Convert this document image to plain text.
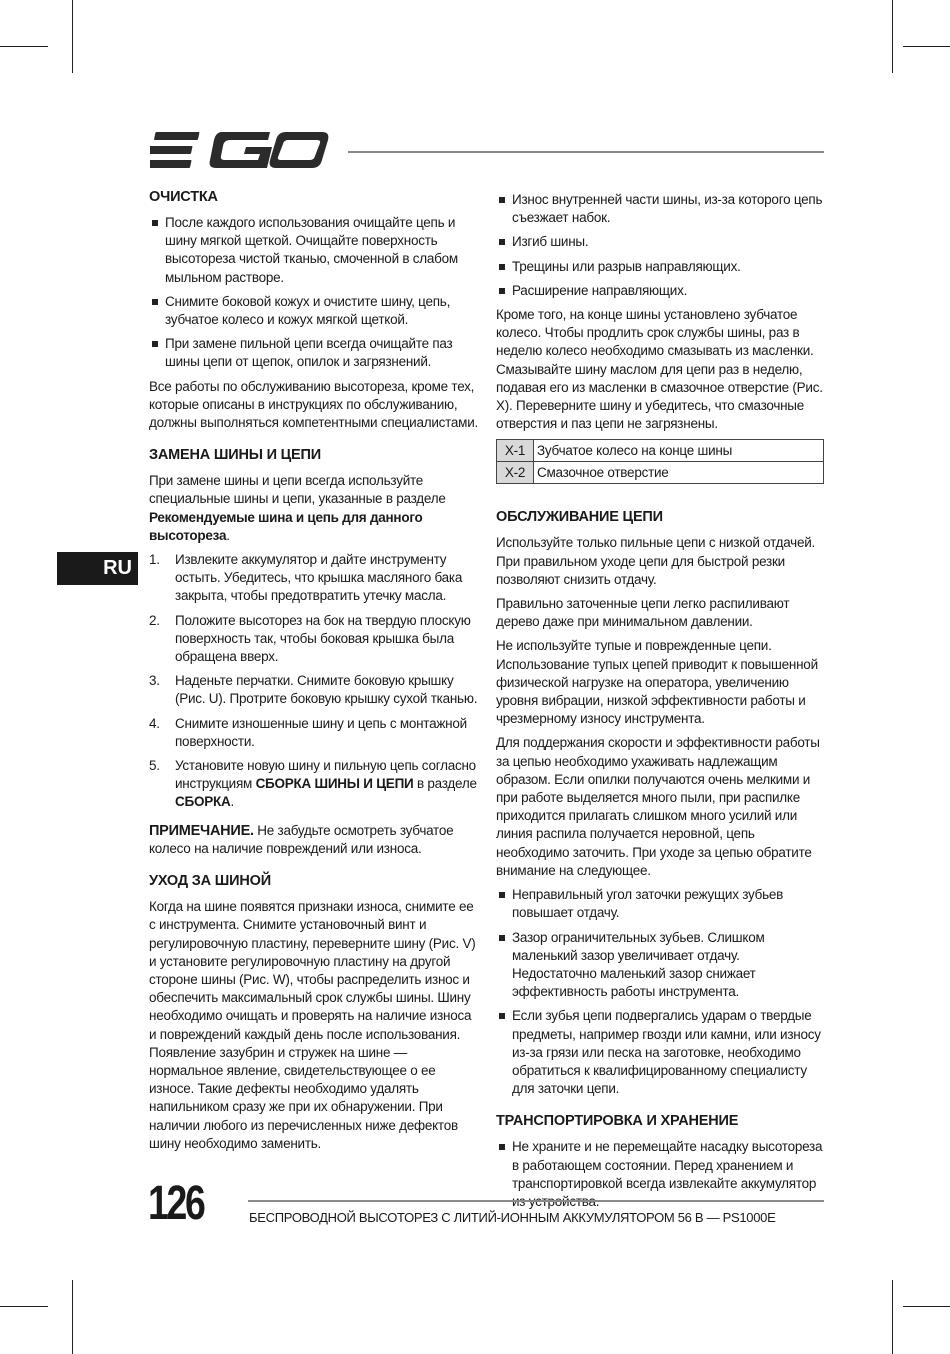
RU
ОЧИСТКА
После каждого использования очищайте цепь и шину мягкой щеткой. Очищайте поверхность высотореза чистой тканью, смоченной в слабом мыльном растворе.
Снимите боковой кожух и очистите шину, цепь, зубчатое колесо и кожух мягкой щеткой.
При замене пильной цепи всегда очищайте паз шины цепи от щепок, опилок и загрязнений.

Все работы по обслуживанию высотореза, кроме тех, которые описаны в инструкциях по обслуживанию, должны выполняться компетентными специалистами.

ЗАМЕНА ШИНЫ И ЦЕПИ

При замене шины и цепи всегда используйте специальные шины и цепи, указанные в разделе Рекомендуемые шина и цепь для данного высотореза.

1. Извлеките аккумулятор и дайте инструменту остыть. Убедитесь, что крышка масляного бака закрыта, чтобы предотвратить утечку масла.
2. Положите высоторез на бок на твердую плоскую поверхность так, чтобы боковая крышка была обращена вверх.
3. Наденьте перчатки. Снимите боковую крышку (Рис. U). Протрите боковую крышку сухой тканью.
4. Снимите изношенные шину и цепь с монтажной поверхности.
5. Установите новую шину и пильную цепь согласно инструкциям СБОРКА ШИНЫ И ЦЕПИ в разделе СБОРКА.

ПРИМЕЧАНИЕ. Не забудьте осмотреть зубчатое колесо на наличие повреждений или износа.

УХОД ЗА ШИНОЙ

Когда на шине появятся признаки износа, снимите ее с инструмента. Снимите установочный винт и регулировочную пластину, переверните шину (Рис. V) и установите регулировочную пластину на другой стороне шины (Рис. W), чтобы распределить износ и обеспечить максимальный срок службы шины. Шину необходимо очищать и проверять на наличие износа и повреждений каждый день после использования. Появление зазубрин и стружек на шине — нормальное явление, свидетельствующее о ее износе. Такие дефекты необходимо удалять напильником сразу же при их обнаружении. При наличии любого из перечисленных ниже дефектов шину необходимо заменить.

Износ внутренней части шины, из-за которого цепь съезжает набок.
Изгиб шины.
Трещины или разрыв направляющих.
Расширение направляющих.

Кроме того, на конце шины установлено зубчатое колесо. Чтобы продлить срок службы шины, раз в неделю колесо необходимо смазывать из масленки. Смазывайте шину маслом для цепи раз в неделю, подавая его из масленки в смазочное отверстие (Рис. X). Переверните шину и убедитесь, что смазочные отверстия и паз цепи не загрязнены.

X-1	Зубчатое колесо на конце шины
X-2	Смазочное отверстие
ОБСЛУЖИВАНИЕ ЦЕПИ

Используйте только пильные цепи с низкой отдачей. При правильном уходе цепи для быстрой резки позволяют снизить отдачу.

Правильно заточенные цепи легко распиливают дерево даже при минимальном давлении.

Не используйте тупые и поврежденные цепи. Использование тупых цепей приводит к повышенной физической нагрузке на оператора, увеличению уровня вибрации, низкой эффективности работы и чрезмерному износу инструмента.

Для поддержания скорости и эффективности работы за цепью необходимо ухаживать надлежащим образом. Если опилки получаются очень мелкими и при работе выделяется много пыли, при распилке приходится прилагать слишком много усилий или линия распила получается неровной, цепь необходимо заточить. При уходе за цепью обратите внимание на следующее.

Неправильный угол заточки режущих зубьев повышает отдачу.
Зазор ограничительных зубьев. Слишком маленький зазор увеличивает отдачу. Недостаточно маленький зазор снижает эффективность работы инструмента.
Если зубья цепи подвергались ударам о твердые предметы, например гвозди или камни, или износу из-за грязи или песка на заготовке, необходимо обратиться к квалифицированному специалисту для заточки цепи.
ТРАНСПОРТИРОВКА И ХРАНЕНИЕ
Не храните и не перемещайте насадку высотореза в работающем состоянии. Перед хранением и транспортировкой всегда извлекайте аккумулятор
126	БЕСПРОВОДНОЙ ВЫСОТОРЕЗ С ЛИТИЙ-ИОННЫМ АККУМУЛЯТОРОМ 56 В — PS1000E
